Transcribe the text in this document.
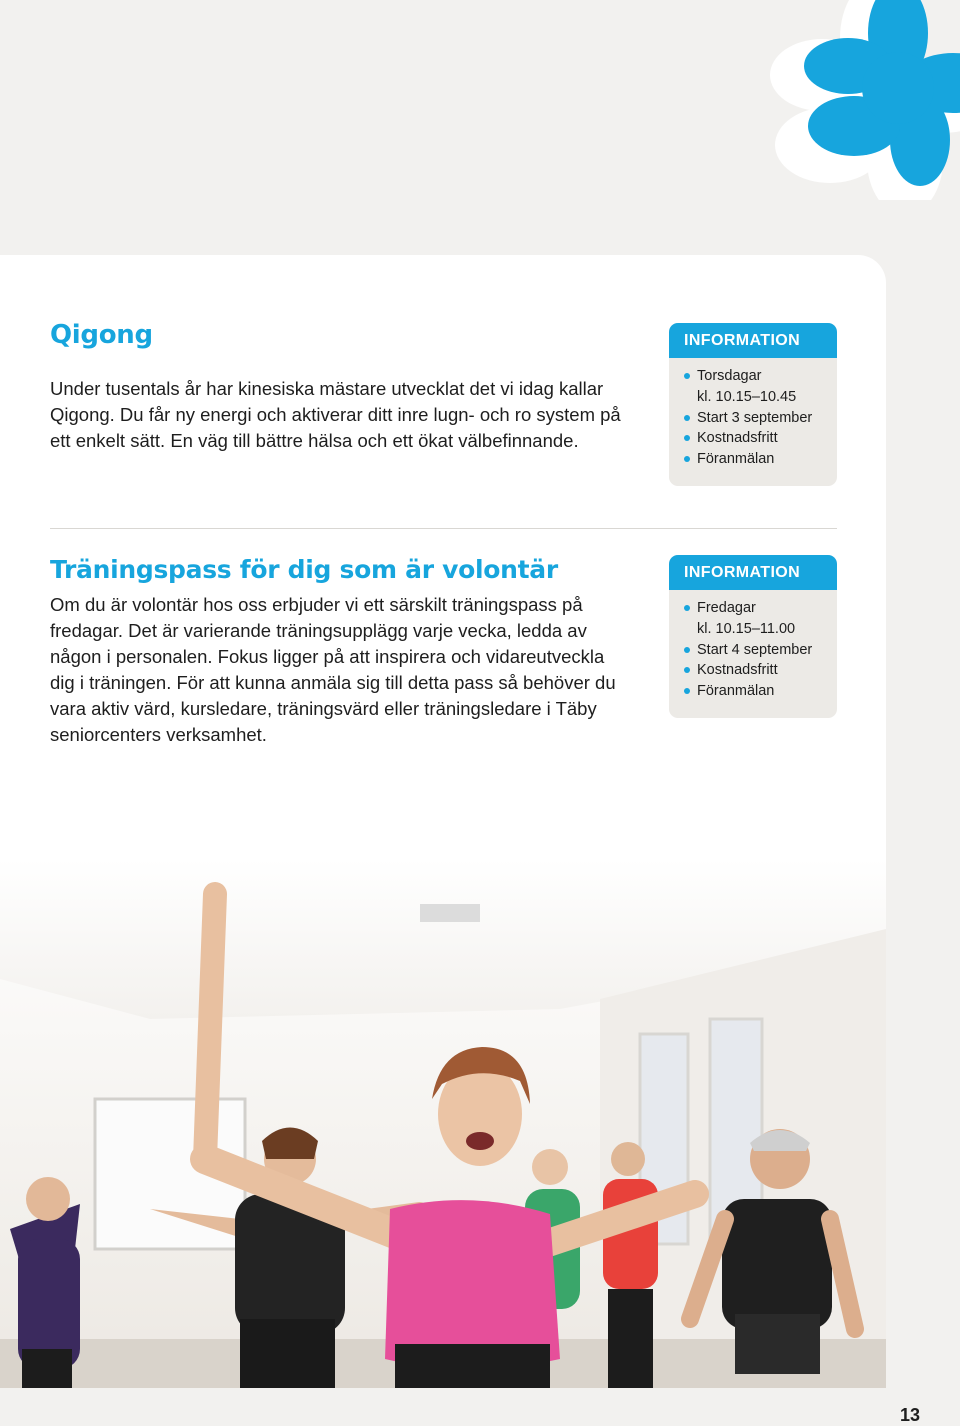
Qigong
Under tusentals år har kinesiska mästare utvecklat det vi idag kallar
Qigong. Du får ny energi och aktiverar ditt inre lugn- och ro system på
ett enkelt sätt. En väg till bättre hälsa och ett ökat välbefinnande.
INFORMATION
Torsdagar
kl. 10.15–10.45
Start 3 september
Kostnadsfritt
Föranmälan
Träningspass för dig som är volontär
Om du är volontär hos oss erbjuder vi ett särskilt träningspass på
fredagar. Det är varierande träningsupplägg varje vecka, ledda av
någon i personalen. Fokus ligger på att inspirera och vidareutveckla
dig i träningen. För att kunna anmäla sig till detta pass så behöver du
vara aktiv värd, kursledare, träningsvärd eller träningsledare i Täby
seniorcenters verksamhet.
INFORMATION
Fredagar
kl. 10.15–11.00
Start 4 september
Kostnadsfritt
Föranmälan

13
